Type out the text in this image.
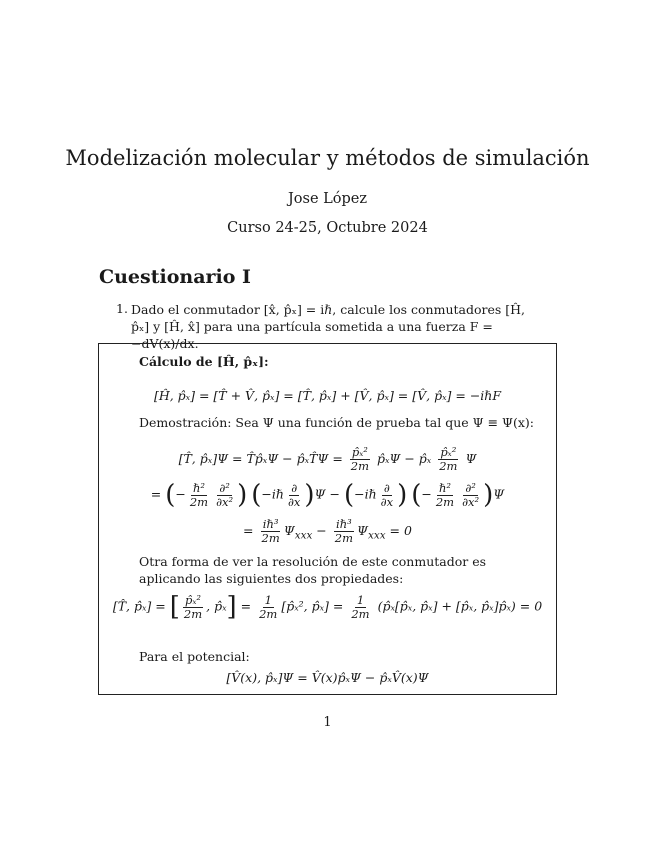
Modelización molecular y métodos de simulación
Jose López
Curso 24-25, Octubre 2024
Cuestionario I
1. Dado el conmutador [x̂, p̂ₓ] = iℏ, calcule los conmutadores [Ĥ, p̂ₓ] y [Ĥ, x̂] para una partícula sometida a una fuerza F = −dV(x)/dx.
Cálculo de [Ĥ, p̂ₓ]:
[Ĥ, p̂ₓ] = [T̂ + V̂, p̂ₓ] = [T̂, p̂ₓ] + [V̂, p̂ₓ] = [V̂, p̂ₓ] = −iℏF
Demostración: Sea Ψ una función de prueba tal que Ψ ≡ Ψ(x):
[T̂, p̂ₓ]Ψ = T̂p̂ₓΨ − p̂ₓT̂Ψ = $\frac{\text{p̂ₓ²}}{2m}$ p̂ₓΨ − p̂ₓ $\frac{\text{p̂ₓ²}}{2m}$ Ψ
= (− $\frac{\text{ℏ²}}{2m} \frac{\text{∂²}}{\text{∂x²}}$ ) (−iℏ $\frac{\partial}{\partial x} )\Psi$ − (−iℏ $\frac{\partial}{\partial x}$ ) (− $\frac{\text{ℏ²}}{2m} \frac{\text{∂²}}{\text{∂x²}} )\Psi$
= $\frac{\text{iℏ³}}{2m} \Psi_{xxx} - \frac{\text{iℏ³}}{2m} \Psi_{xxx} = 0$
Otra forma de ver la resolución de este conmutador es aplicando las siguientes dos propiedades:
[T̂, p̂ₓ] = [ $\frac{\text{p̂ₓ²}}{2m}$ , p̂ₓ] = $\frac{1}{2m}$ [p̂ₓ², p̂ₓ] = $\frac{1}{2m}$ (p̂ₓ[p̂ₓ, p̂ₓ] + [p̂ₓ, p̂ₓ]p̂ₓ) = 0
Para el potencial:
[V̂(x), p̂ₓ]Ψ = V̂(x)p̂ₓΨ − p̂ₓV̂(x)Ψ
1
